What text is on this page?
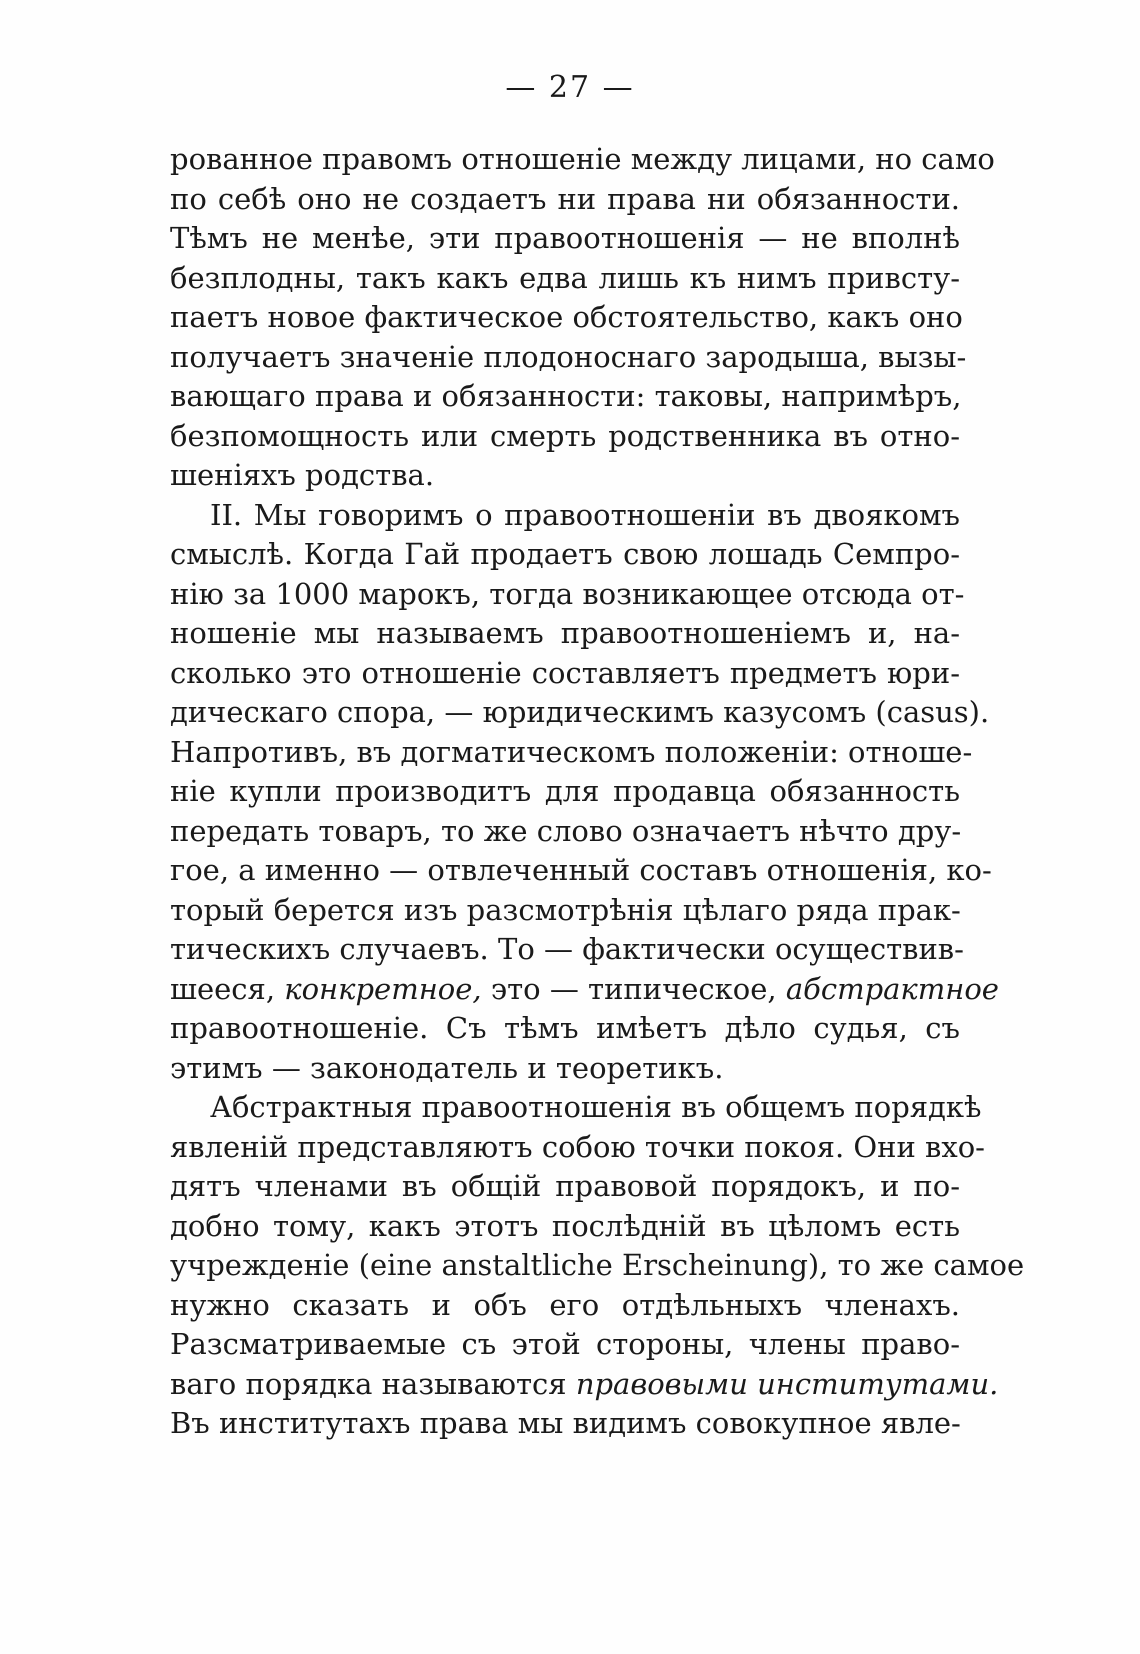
— 27 —
рованное правомъ отношеніе между лицами, но само
по себѣ оно не создаетъ ни права ни обязанности.
Тѣмъ не менѣе, эти правоотношенія — не вполнѣ
безплодны, такъ какъ едва лишь къ нимъ привсту-
паетъ новое фактическое обстоятельство, какъ оно
получаетъ значеніе плодоноснаго зародыша, вызы-
вающаго права и обязанности: таковы, напримѣръ,
безпомощность или смерть родственника въ отно-
шеніяхъ родства.
II. Мы говоримъ о правоотношеніи въ двоякомъ
смыслѣ. Когда Гай продаетъ свою лошадь Семпро-
нію за 1000 марокъ, тогда возникающее отсюда от-
ношеніе мы называемъ правоотношеніемъ и, на-
сколько это отношеніе составляетъ предметъ юри-
дическаго спора, — юридическимъ казусомъ (casus).
Напротивъ, въ догматическомъ положеніи: отноше-
ніе купли производитъ для продавца обязанность
передать товаръ, то же слово означаетъ нѣчто дру-
гое, а именно — отвлеченный составъ отношенія, ко-
торый берется изъ разсмотрѣнія цѣлаго ряда прак-
тическихъ случаевъ. То — фактически осуществив-
шееся, конкретное, это — типическое, абстрактное
правоотношеніе. Съ тѣмъ имѣетъ дѣло судья, съ
этимъ — законодатель и теоретикъ.
Абстрактныя правоотношенія въ общемъ порядкѣ
явленій представляютъ собою точки покоя. Они вхо-
дятъ членами въ общій правовой порядокъ, и по-
добно тому, какъ этотъ послѣдній въ цѣломъ есть
учрежденіе (eine anstaltliche Erscheinung), то же самое
нужно сказать и объ его отдѣльныхъ членахъ.
Разсматриваемые съ этой стороны, члены право-
ваго порядка называются правовыми институтами.
Въ институтахъ права мы видимъ совокупное явле-
